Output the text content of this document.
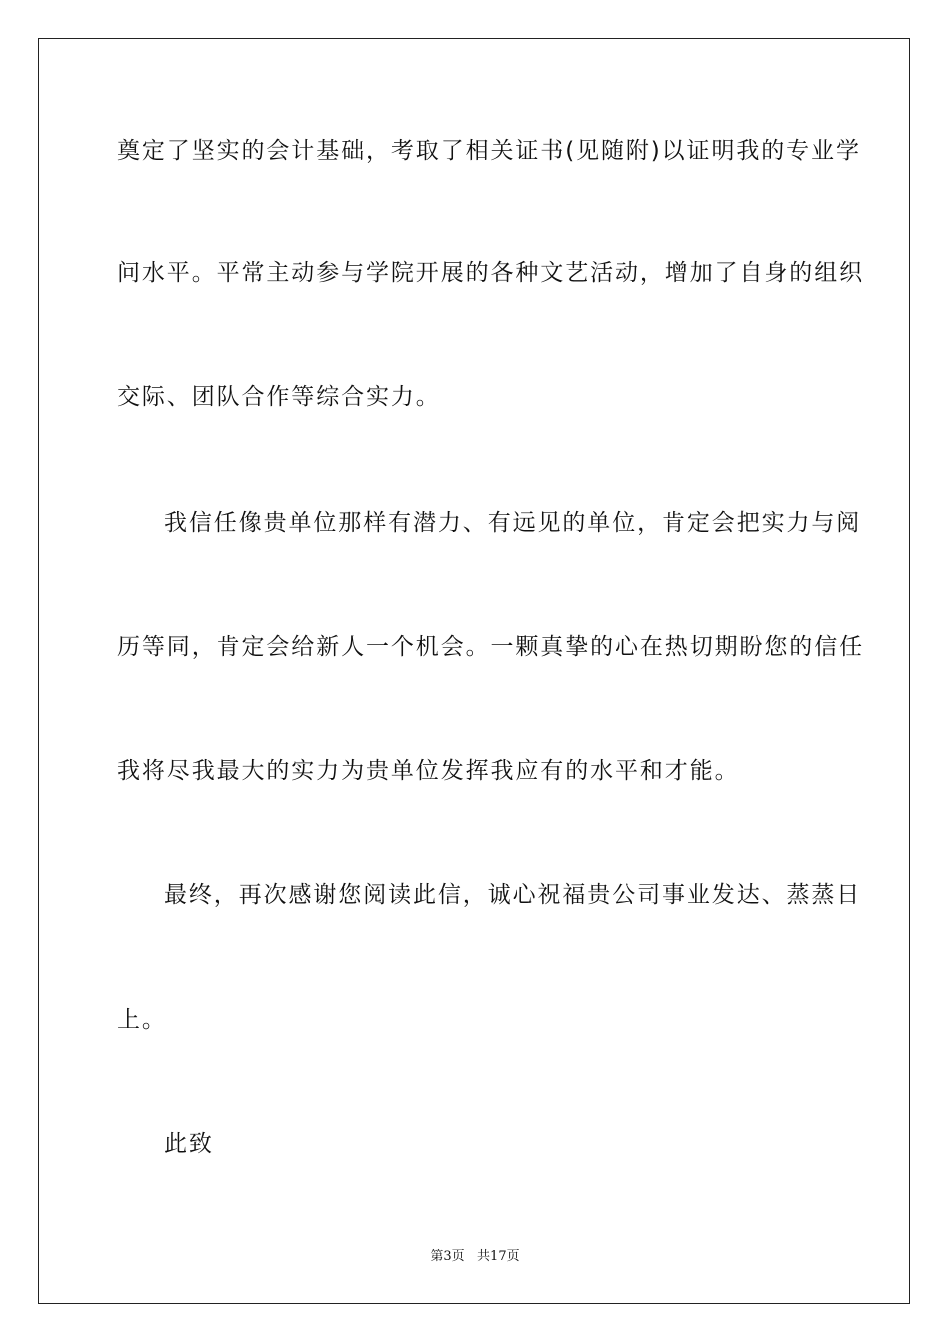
奠定了坚实的会计基础，考取了相关证书(见随附)以证明我的专业学
问水平。平常主动参与学院开展的各种文艺活动，增加了自身的组织
交际、团队合作等综合实力。
我信任像贵单位那样有潜力、有远见的单位，肯定会把实力与阅
历等同，肯定会给新人一个机会。一颗真挚的心在热切期盼您的信任
我将尽我最大的实力为贵单位发挥我应有的水平和才能。
最终，再次感谢您阅读此信，诚心祝福贵公司事业发达、蒸蒸日
上。
此致
第3页   共17页
